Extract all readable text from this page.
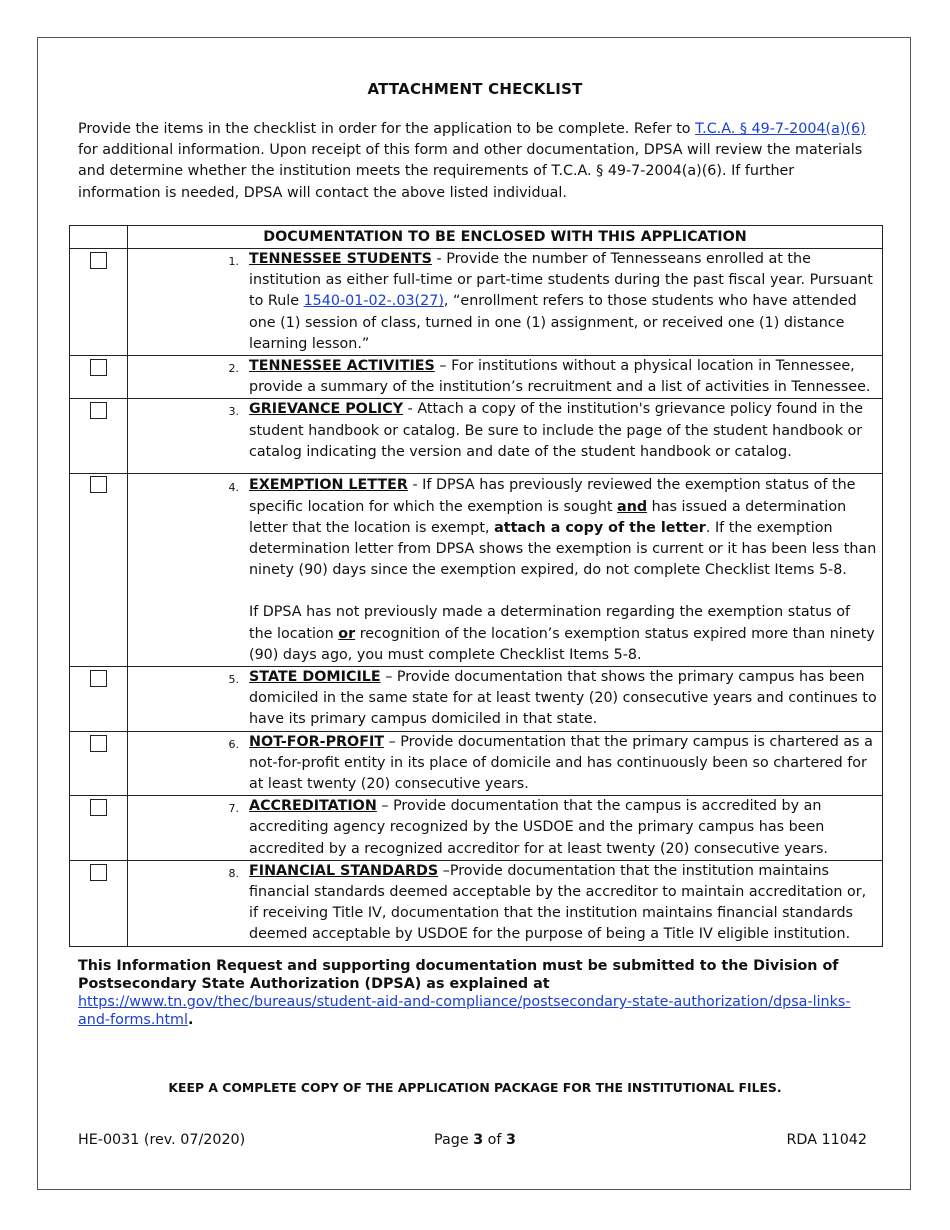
ATTACHMENT CHECKLIST
Provide the items in the checklist in order for the application to be complete. Refer to T.C.A. § 49-7-2004(a)(6) for additional information. Upon receipt of this form and other documentation, DPSA will review the materials and determine whether the institution meets the requirements of T.C.A. § 49-7-2004(a)(6). If further information is needed, DPSA will contact the above listed individual.
	DOCUMENTATION TO BE ENCLOSED WITH THIS APPLICATION

	1. TENNESSEE STUDENTS - Provide the number of Tennesseans enrolled at the institution as either full-time or part-time students during the past fiscal year. Pursuant to Rule 1540-01-02-.03(27), “enrollment refers to those students who have attended one (1) session of class, turned in one (1) assignment, or received one (1) distance learning lesson.”

	2. TENNESSEE ACTIVITIES – For institutions without a physical location in Tennessee, provide a summary of the institution’s recruitment and a list of activities in Tennessee.

	3. GRIEVANCE POLICY - Attach a copy of the institution's grievance policy found in the student handbook or catalog. Be sure to include the page of the student handbook or catalog indicating the version and date of the student handbook or catalog.

	4. EXEMPTION LETTER - If DPSA has previously reviewed the exemption status of the specific location for which the exemption is sought and has issued a determination letter that the location is exempt, attach a copy of the letter. If the exemption determination letter from DPSA shows the exemption is current or it has been less than ninety (90) days since the exemption expired, do not complete Checklist Items 5-8.
If DPSA has not previously made a determination regarding the exemption status of the location or recognition of the location’s exemption status expired more than ninety (90) days ago, you must complete Checklist Items 5-8.

	5. STATE DOMICILE – Provide documentation that shows the primary campus has been domiciled in the same state for at least twenty (20) consecutive years and continues to have its primary campus domiciled in that state.

	6. NOT-FOR-PROFIT – Provide documentation that the primary campus is chartered as a not-for-profit entity in its place of domicile and has continuously been so chartered for at least twenty (20) consecutive years.

	7. ACCREDITATION – Provide documentation that the campus is accredited by an accrediting agency recognized by the USDOE and the primary campus has been accredited by a recognized accreditor for at least twenty (20) consecutive years.

	8. FINANCIAL STANDARDS –Provide documentation that the institution maintains financial standards deemed acceptable by the accreditor to maintain accreditation or, if receiving Title IV, documentation that the institution maintains financial standards deemed acceptable by USDOE for the purpose of being a Title IV eligible institution.
This Information Request and supporting documentation must be submitted to the Division of Postsecondary State Authorization (DPSA) as explained at
https://www.tn.gov/thec/bureaus/student-aid-and-compliance/postsecondary-state-authorization/dpsa-links-and-forms.html.
KEEP A COMPLETE COPY OF THE APPLICATION PACKAGE FOR THE INSTITUTIONAL FILES.
HE-0031 (rev. 07/2020)	Page 3 of 3	RDA 11042
